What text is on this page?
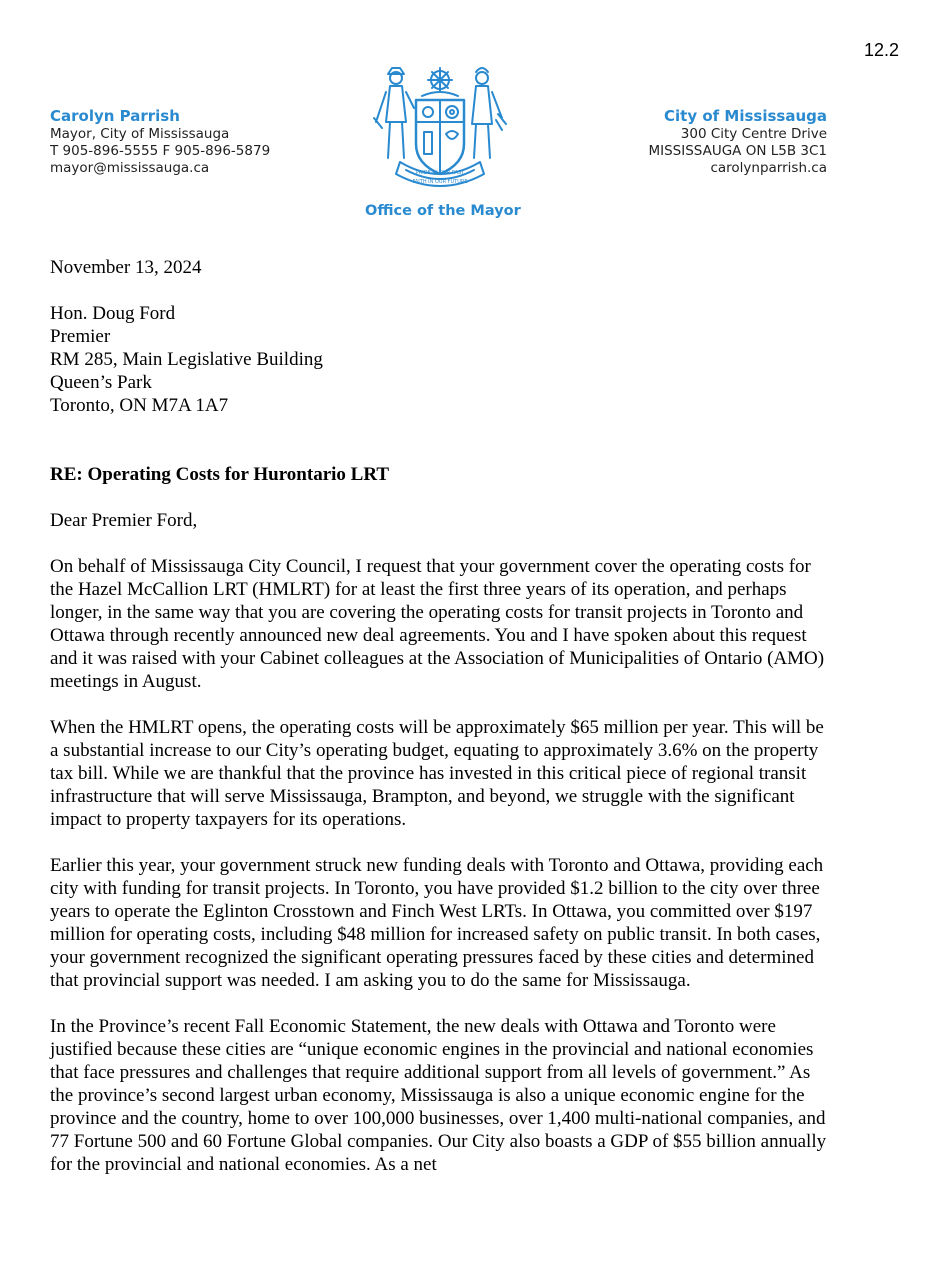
12.2
Carolyn Parrish
Mayor, City of Mississauga
T 905-896-5555 F 905-896-5879
mayor@mississauga.ca	PRIDE IN OUR PAST
FAITH IN OUR FUTURE
Office of the Mayor
City of Mississauga
300 City Centre Drive
MISSISSAUGA ON L5B 3C1
carolynparrish.ca

November 13, 2024

Hon. Doug Ford
Premier
RM 285, Main Legislative Building
Queen’s Park
Toronto, ON M7A 1A7

RE: Operating Costs for Hurontario LRT

Dear Premier Ford,

On behalf of Mississauga City Council, I request that your government cover the operating costs for the Hazel McCallion LRT (HMLRT) for at least the first three years of its operation, and perhaps longer, in the same way that you are covering the operating costs for transit projects in Toronto and Ottawa through recently announced new deal agreements. You and I have spoken about this request and it was raised with your Cabinet colleagues at the Association of Municipalities of Ontario (AMO) meetings in August.

When the HMLRT opens, the operating costs will be approximately $65 million per year. This will be a substantial increase to our City’s operating budget, equating to approximately 3.6% on the property tax bill. While we are thankful that the province has invested in this critical piece of regional transit infrastructure that will serve Mississauga, Brampton, and beyond, we struggle with the significant impact to property taxpayers for its operations.

Earlier this year, your government struck new funding deals with Toronto and Ottawa, providing each city with funding for transit projects. In Toronto, you have provided $1.2 billion to the city over three years to operate the Eglinton Crosstown and Finch West LRTs. In Ottawa, you committed over $197 million for operating costs, including $48 million for increased safety on public transit. In both cases, your government recognized the significant operating pressures faced by these cities and determined that provincial support was needed. I am asking you to do the same for Mississauga.

In the Province’s recent Fall Economic Statement, the new deals with Ottawa and Toronto were justified because these cities are “unique economic engines in the provincial and national economies that face pressures and challenges that require additional support from all levels of government.” As the province’s second largest urban economy, Mississauga is also a unique economic engine for the province and the country, home to over 100,000 businesses, over 1,400 multi-national companies, and 77 Fortune 500 and 60 Fortune Global companies. Our City also boasts a GDP of $55 billion annually for the provincial and national economies. As a net
